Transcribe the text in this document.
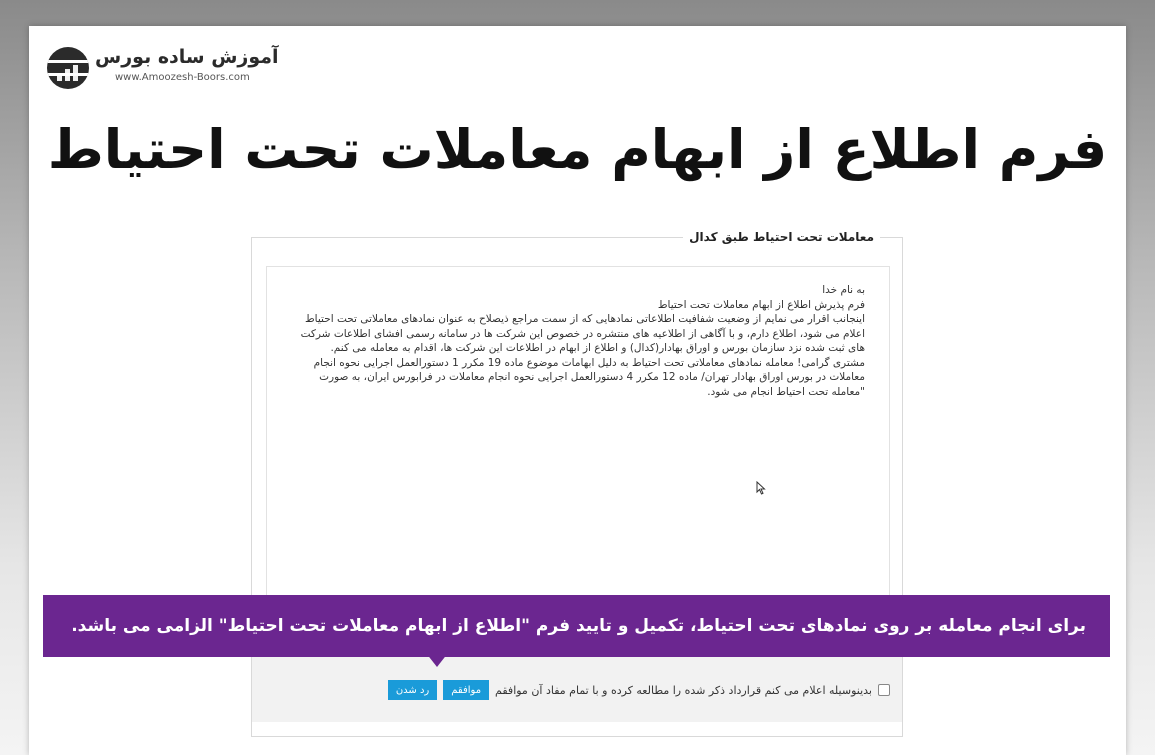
آموزش ساده بورس
www.Amoozesh-Boors.com
فرم اطلاع از ابهام معاملات تحت احتیاط
معاملات تحت احتیاط طبق کدال

به نام خدا

فرم پذیرش اطلاع از ابهام معاملات تحت احتیاط

اینجانب اقرار می نمایم از وضعیت شفافیت اطلاعاتی نمادهایی که از سمت مراجع ذیصلاح به عنوان نمادهای معاملاتی تحت احتیاط اعلام می شود، اطلاع دارم، و با آگاهی از اطلاعیه های منتشره در خصوص این شرکت ها در سامانه رسمی افشای اطلاعات شرکت های ثبت شده نزد سازمان بورس و اوراق بهادار(کدال) و اطلاع از ابهام در اطلاعات این شرکت ها، اقدام به معامله می کنم.

مشتری گرامی! معامله نمادهای معاملاتی تحت احتیاط به دلیل ابهامات موضوع ماده 19 مکرر 1 دستورالعمل اجرایی نحوه انجام معاملات در بورس اوراق بهادار تهران/ ماده 12 مکرر 4 دستورالعمل اجرایی نحوه انجام معاملات در فرابورس ایران، به صورت "معامله تحت احتیاط انجام می شود.

بدینوسیله اعلام می کنم قرارداد ذکر شده را مطالعه کرده و با تمام مفاد آن موافقم
موافقم
رد شدن
برای انجام معامله بر روی نمادهای تحت احتیاط، تکمیل و تایید فرم "اطلاع از ابهام معاملات تحت احتیاط" الزامی می باشد.
